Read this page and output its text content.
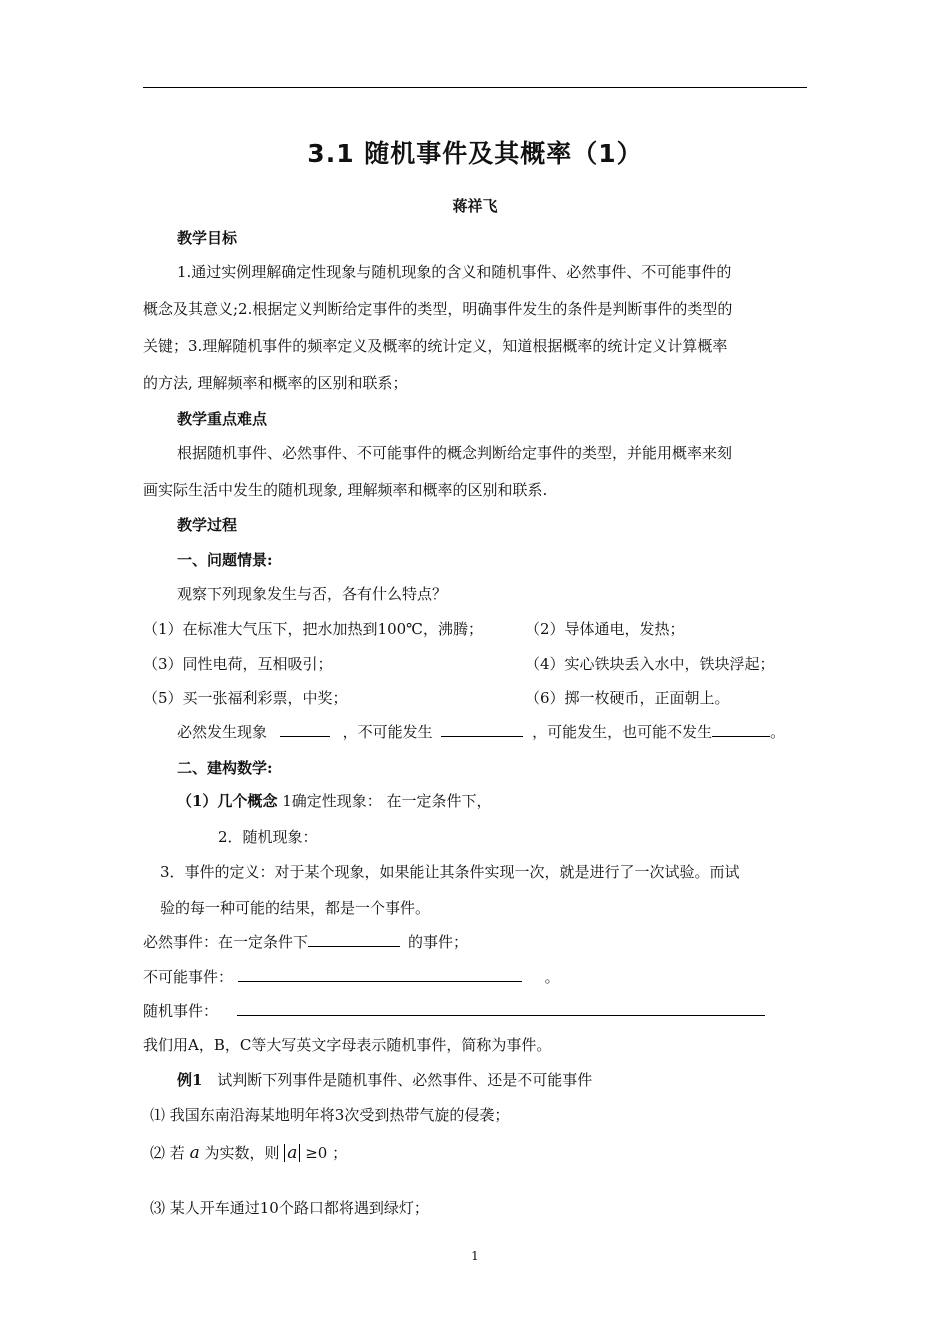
3.1 随机事件及其概率（1）
蒋祥飞
教学目标
1.通过实例理解确定性现象与随机现象的含义和随机事件、必然事件、不可能事件的
概念及其意义;2.根据定义判断给定事件的类型，明确事件发生的条件是判断事件的类型的
关键；3.理解随机事件的频率定义及概率的统计定义，知道根据概率的统计定义计算概率
的方法, 理解频率和概率的区别和联系；
教学重点难点
根据随机事件、必然事件、不可能事件的概念判断给定事件的类型，并能用概率来刻
画实际生活中发生的随机现象, 理解频率和概率的区别和联系.
教学过程
一、问题情景:
观察下列现象发生与否，各有什么特点？
（1）在标准大气压下，把水加热到100℃，沸腾；	（2）导体通电，发热；
（3）同性电荷，互相吸引；	（4）实心铁块丢入水中，铁块浮起；
（5）买一张福利彩票，中奖；	（6）掷一枚硬币，正面朝上。
必然发生现象	，不可能发生	，可能发生，也可能不发生	。
二、建构数学:
（1）几个概念 1确定性现象： 在一定条件下，
2．随机现象：
3．事件的定义：对于某个现象，如果能让其条件实现一次，就是进行了一次试验。而试
验的每一种可能的结果，都是一个事件。
必然事件：在一定条件下	的事件；
不可能事件：	。
随机事件：
我们用A，B，C等大写英文字母表示随机事件，简称为事件。
例1 试判断下列事件是随机事件、必然事件、还是不可能事件
⑴ 我国东南沿海某地明年将3次受到热带气旋的侵袭；
⑵ 若 a 为实数，则 a ≥0 ；
⑶ 某人开车通过10个路口都将遇到绿灯；
1
